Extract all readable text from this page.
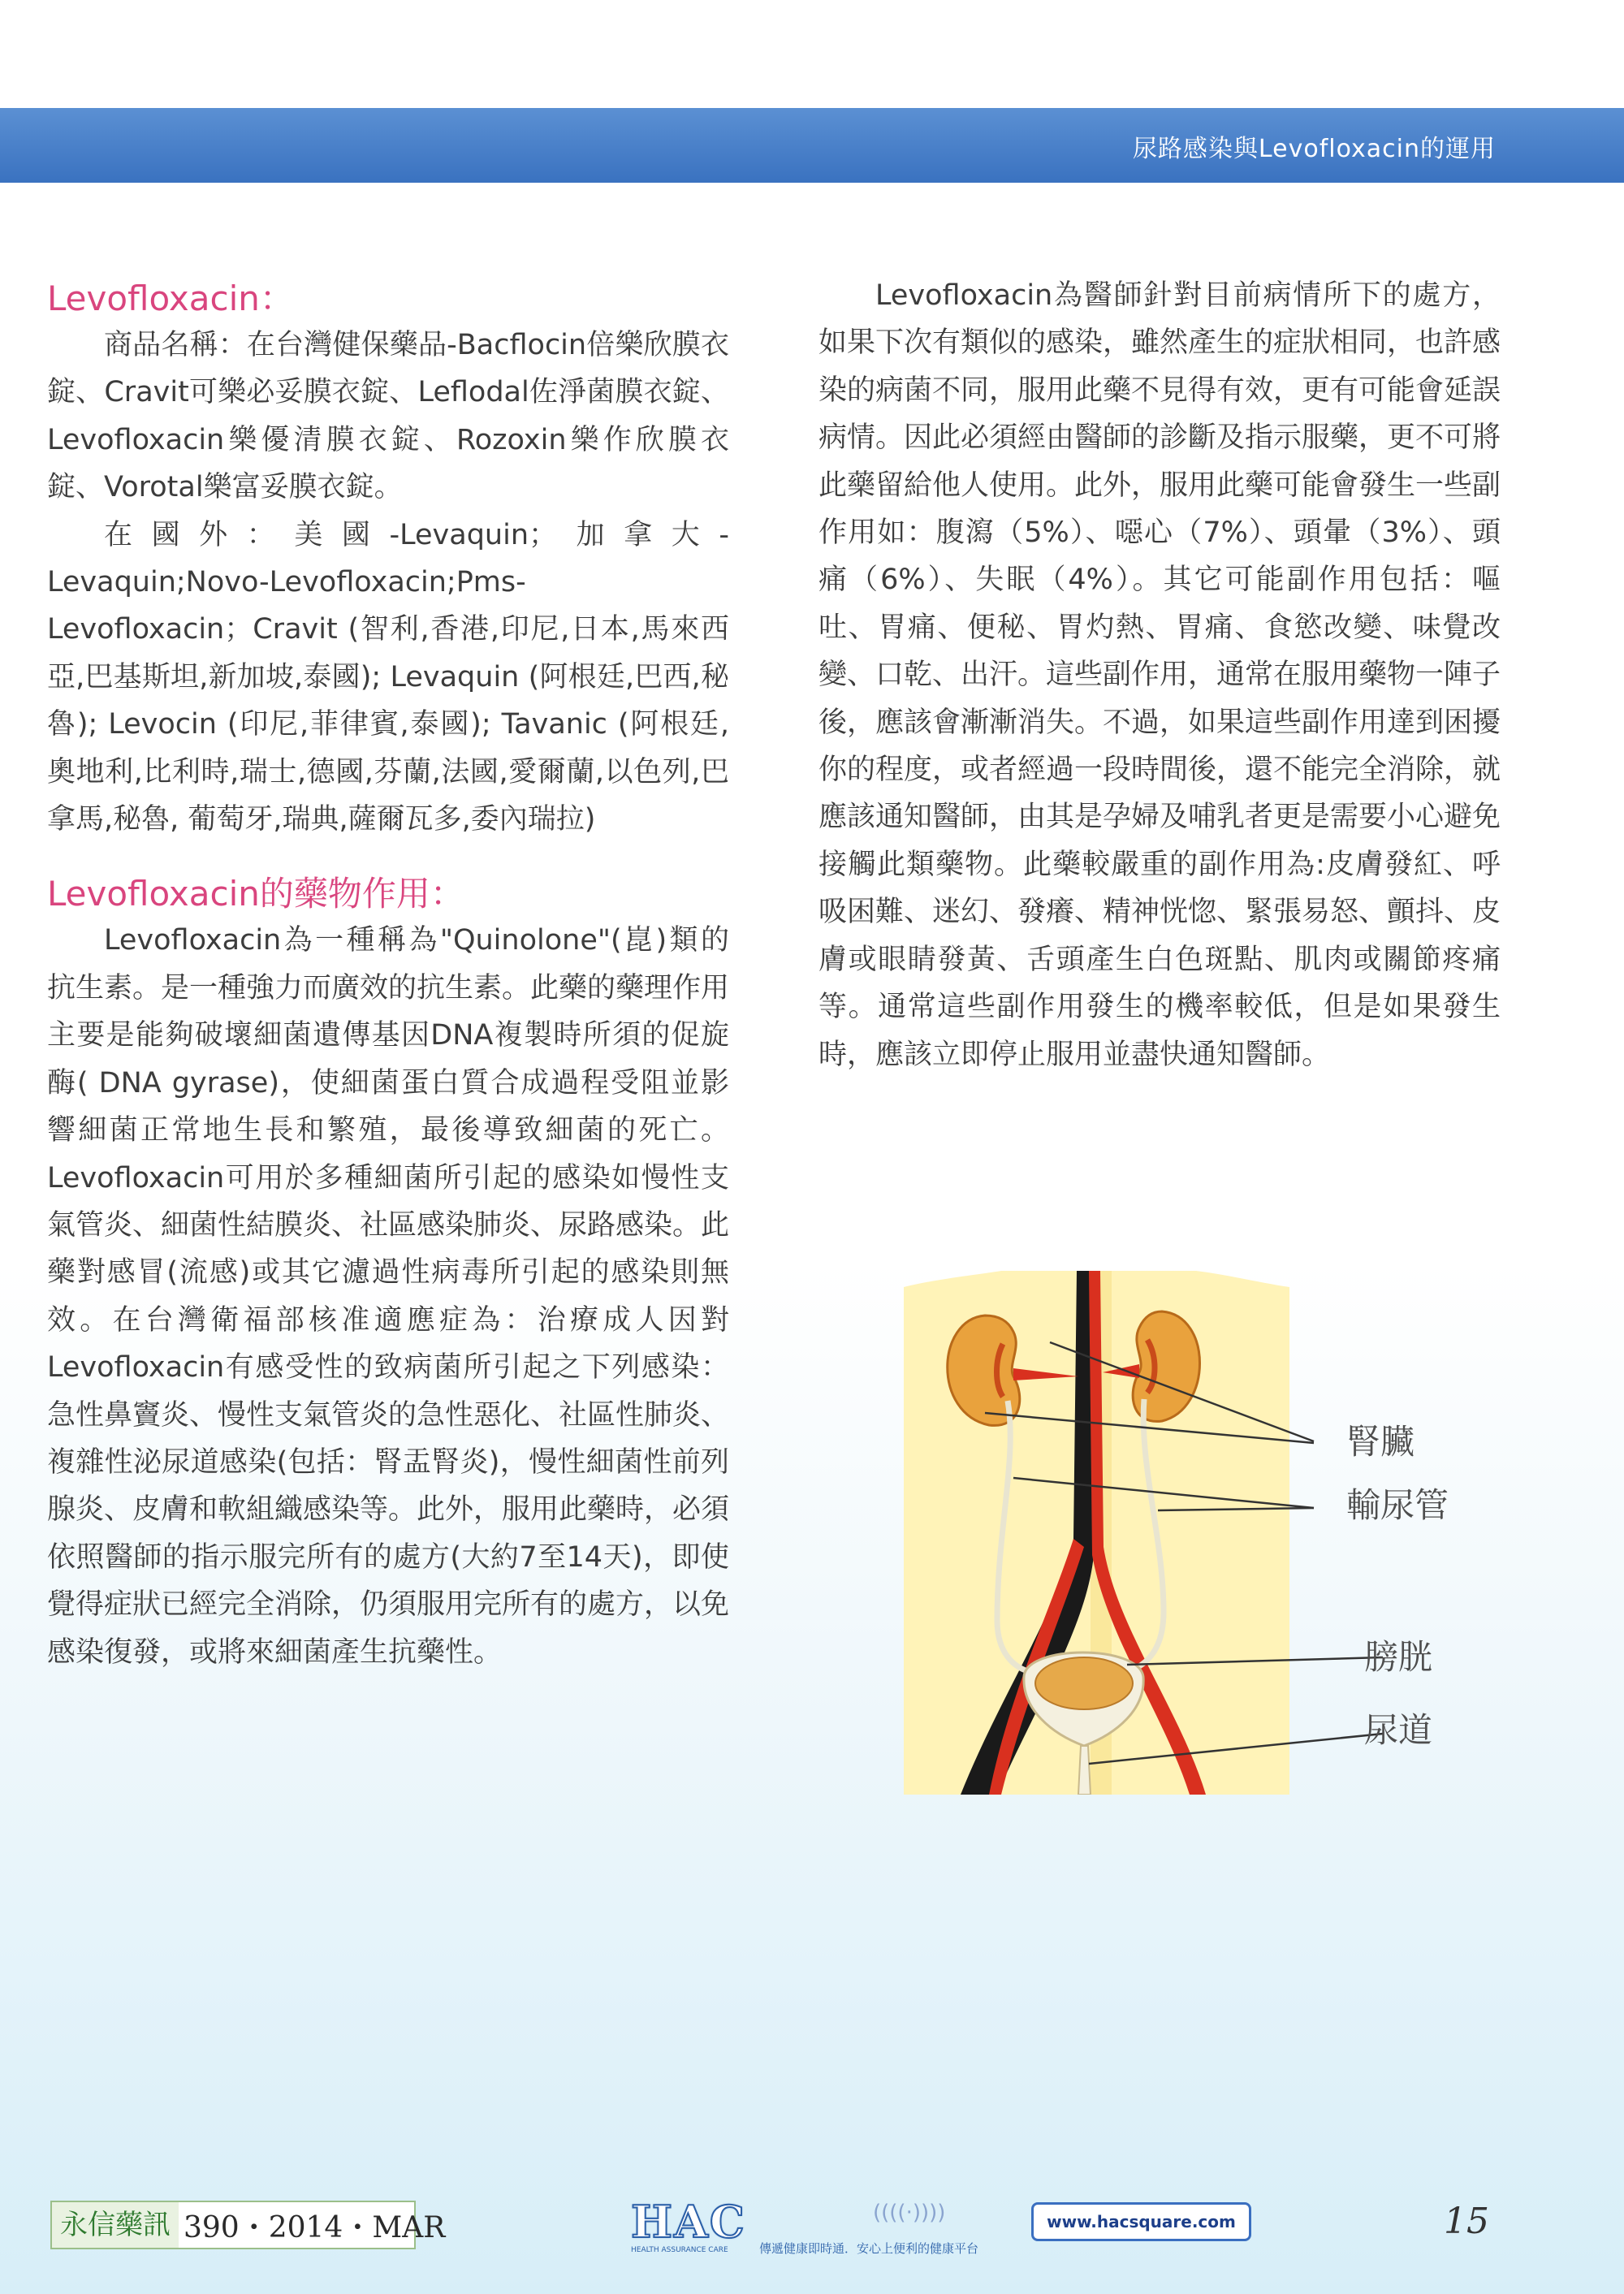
尿路感染與Levofloxacin的運用
Levofloxacin：

商品名稱：在台灣健保藥品-Bacflocin倍樂欣膜衣錠、Cravit可樂必妥膜衣錠、Leflodal佐淨菌膜衣錠、Levofloxacin樂優清膜衣錠、Rozoxin樂作欣膜衣錠、Vorotal樂富妥膜衣錠。

在國外：美國-Levaquin；加拿大-Levaquin;Novo-Levofloxacin;Pms-Levofloxacin；Cravit (智利,香港,印尼,日本,馬來西亞,巴基斯坦,新加坡,泰國); Levaquin (阿根廷,巴西,秘魯); Levocin (印尼,菲律賓,泰國); Tavanic (阿根廷,奧地利,比利時,瑞士,德國,芬蘭,法國,愛爾蘭,以色列,巴拿馬,秘魯, 葡萄牙,瑞典,薩爾瓦多,委內瑞拉)

Levofloxacin的藥物作用：

Levofloxacin為一種稱為"Quinolone"(崑)類的抗生素。是一種強力而廣效的抗生素。此藥的藥理作用主要是能夠破壞細菌遺傳基因DNA複製時所須的促旋酶( DNA gyrase)，使細菌蛋白質合成過程受阻並影響細菌正常地生長和繁殖，最後導致細菌的死亡。Levofloxacin可用於多種細菌所引起的感染如慢性支氣管炎、細菌性結膜炎、社區感染肺炎、尿路感染。此藥對感冒(流感)或其它濾過性病毒所引起的感染則無效。在台灣衛福部核准適應症為：治療成人因對Levofloxacin有感受性的致病菌所引起之下列感染：急性鼻竇炎、慢性支氣管炎的急性惡化、社區性肺炎、複雜性泌尿道感染(包括：腎盂腎炎)，慢性細菌性前列腺炎、皮膚和軟組織感染等。此外，服用此藥時，必須依照醫師的指示服完所有的處方(大約7至14天)，即使覺得症狀已經完全消除，仍須服用完所有的處方，以免感染復發，或將來細菌產生抗藥性。

Levofloxacin為醫師針對目前病情所下的處方，如果下次有類似的感染，雖然產生的症狀相同，也許感染的病菌不同，服用此藥不見得有效，更有可能會延誤病情。因此必須經由醫師的診斷及指示服藥，更不可將此藥留給他人使用。此外，服用此藥可能會發生一些副作用如：腹瀉（5%）、噁心（7%）、頭暈（3%）、頭痛（6%）、失眠（4%）。其它可能副作用包括：嘔吐、胃痛、便秘、胃灼熱、胃痛、食慾改變、味覺改變、口乾、出汗。這些副作用，通常在服用藥物一陣子後，應該會漸漸消失。不過，如果這些副作用達到困擾你的程度，或者經過一段時間後，還不能完全消除，就應該通知醫師，由其是孕婦及哺乳者更是需要小心避免接觸此類藥物。此藥較嚴重的副作用為:皮膚發紅、呼吸困難、迷幻、發癢、精神恍惚、緊張易怒、顫抖、皮膚或眼睛發黃、舌頭產生白色斑點、肌肉或關節疼痛等。通常這些副作用發生的機率較低，但是如果發生時，應該立即停止服用並盡快通知醫師。

腎臟
輸尿管
膀胱
尿道
永信藥訊 390・2014・MAR	HAC
HEALTH ASSURANCE CARE
((((·))))
傳遞健康即時通．安心上便利的健康平台
www.hacsquare.com	15
